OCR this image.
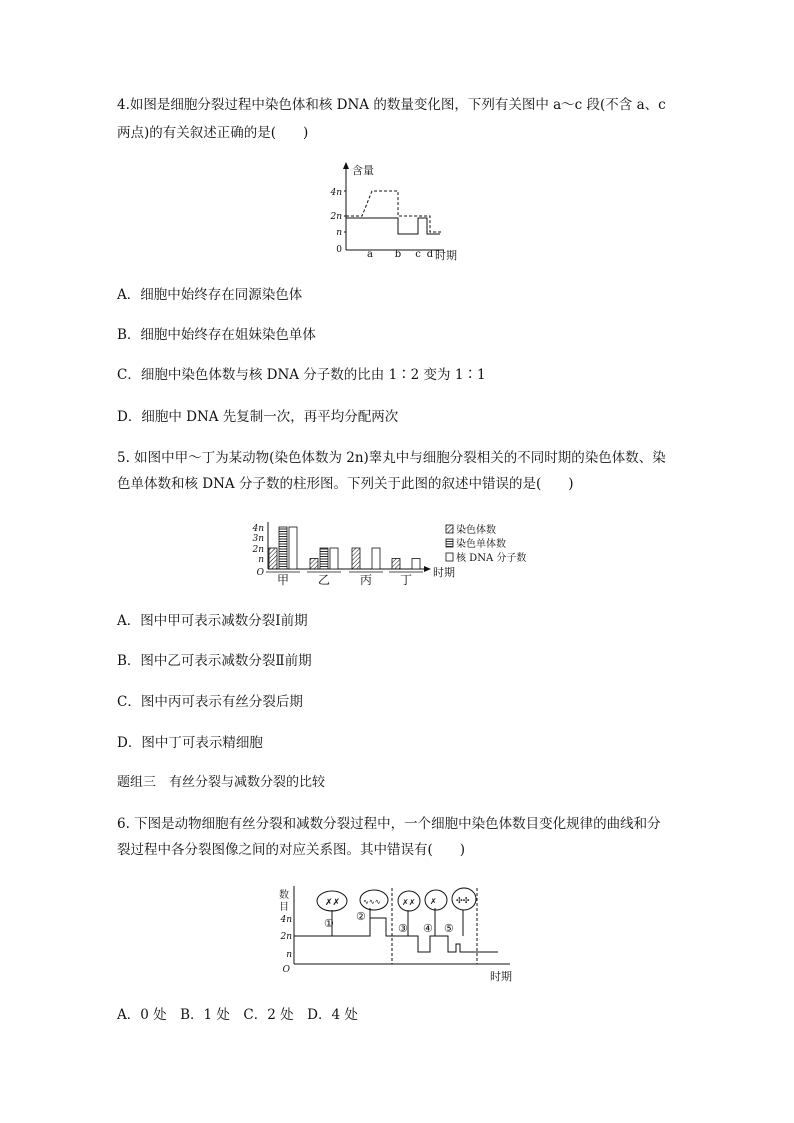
4.如图是细胞分裂过程中染色体和核 DNA 的数量变化图，下列有关图中 a～c 段(不含 a、c
两点)的有关叙述正确的是(　　)
含量
4n
2n
n
0	a b c d 时期
A．细胞中始终存在同源染色体
B．细胞中始终存在姐妹染色单体
C．细胞中染色体数与核 DNA 分子数的比由 1∶2 变为 1∶1
D．细胞中 DNA 先复制一次，再平均分配两次
5. 如图中甲～丁为某动物(染色体数为 2n)睾丸中与细胞分裂相关的不同时期的染色体数、染
色单体数和核 DNA 分子数的柱形图。下列关于此图的叙述中错误的是(　　)
4n
3n
2n
n
O 甲 乙 丙 丁
时期
染色体数
染色单体数
核 DNA 分子数
A．图中甲可表示减数分裂Ⅰ前期
B．图中乙可表示减数分裂Ⅱ前期
C．图中丙可表示有丝分裂后期
D．图中丁可表示精细胞
题组三　有丝分裂与减数分裂的比较
6. 下图是动物细胞有丝分裂和减数分裂过程中，一个细胞中染色体数目变化规律的曲线和分
裂过程中各分裂图像之间的对应关系图。其中错误有(　　)
数
目
4n
2n
n
O
✗✗
①
∿∿∿
②
✗✗
③
✗
④
✣✣
⑤
时期
A．0 处　B．1 处　C．2 处　D．4 处
